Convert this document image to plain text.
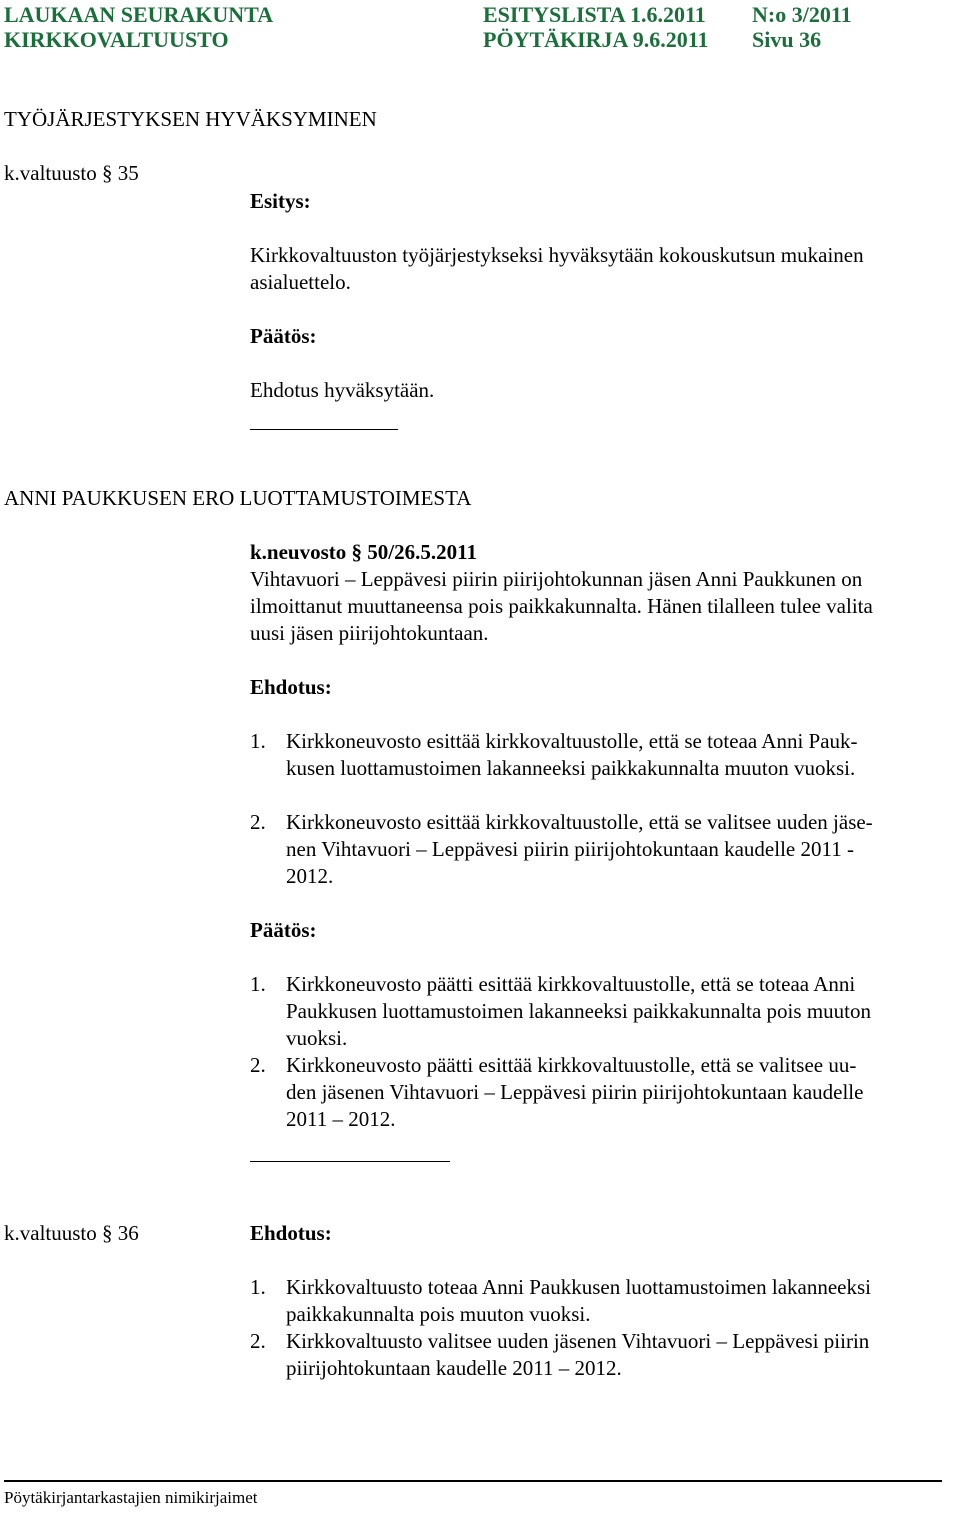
LAUKAAN SEURAKUNTA
KIRKKOVALTUUSTO
ESITYSLISTA 1.6.2011
PÖYTÄKIRJA 9.6.2011
N:o 3/2011
Sivu 36
TYÖJÄRJESTYKSEN HYVÄKSYMINEN
k.valtuusto § 35
Esitys:
Kirkkovaltuuston työjärjestykseksi hyväksytään kokouskutsun mukainen
asialuettelo.
Päätös:
Ehdotus hyväksytään.
ANNI PAUKKUSEN ERO LUOTTAMUSTOIMESTA
k.neuvosto § 50/26.5.2011
Vihtavuori – Leppävesi piirin piirijohtokunnan jäsen Anni Paukkunen on
ilmoittanut muuttaneensa pois paikkakunnalta. Hänen tilalleen tulee valita
uusi jäsen piirijohtokuntaan.
Ehdotus:
1. Kirkkoneuvosto esittää kirkkovaltuustolle, että se toteaa Anni Pauk-
kusen luottamustoimen lakanneeksi paikkakunnalta muuton vuoksi.
2. Kirkkoneuvosto esittää kirkkovaltuustolle, että se valitsee uuden jäse-
nen Vihtavuori – Leppävesi piirin piirijohtokuntaan kaudelle 2011 -
2012.
Päätös:
1. Kirkkoneuvosto päätti esittää kirkkovaltuustolle, että se toteaa Anni
Paukkusen luottamustoimen lakanneeksi paikkakunnalta pois muuton
vuoksi.
2. Kirkkoneuvosto päätti esittää kirkkovaltuustolle, että se valitsee uu-
den jäsenen Vihtavuori – Leppävesi piirin piirijohtokuntaan kaudelle
2011 – 2012.
k.valtuusto § 36	Ehdotus:
1. Kirkkovaltuusto toteaa Anni Paukkusen luottamustoimen lakanneeksi
paikkakunnalta pois muuton vuoksi.
2. Kirkkovaltuusto valitsee uuden jäsenen Vihtavuori – Leppävesi piirin
piirijohtokuntaan kaudelle 2011 – 2012.
Pöytäkirjantarkastajien nimikirjaimet
